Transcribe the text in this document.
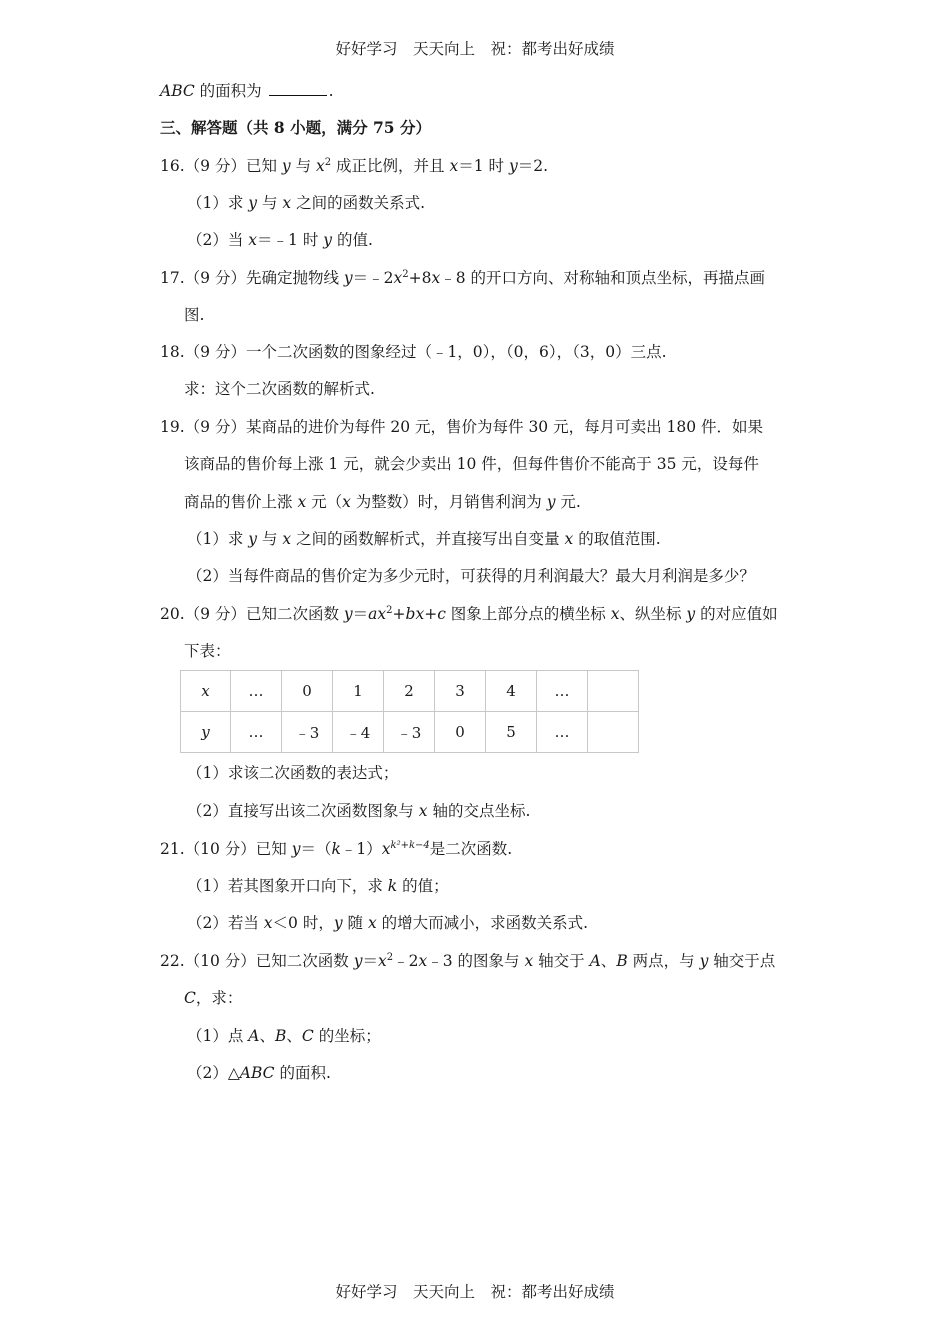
好好学习　天天向上　祝：都考出好成绩
ABC 的面积为	.
三、解答题（共 8 小题，满分 75 分）
16.（9 分）已知 y 与 $x^2$ 成正比例，并且 x＝1 时 y＝2.
（1）求 y 与 x 之间的函数关系式.
（2）当 x＝﹣1 时 y 的值.
17.（9 分）先确定抛物线 $y=﹣2x^2+8x﹣8$ 的开口方向、对称轴和顶点坐标，再描点画
图.
18.（9 分）一个二次函数的图象经过（﹣1，0），（0，6），（3，0）三点.
求：这个二次函数的解析式.
19.（9 分）某商品的进价为每件 20 元，售价为每件 30 元，每月可卖出 180 件．如果
该商品的售价每上涨 1 元，就会少卖出 10 件，但每件售价不能高于 35 元，设每件
商品的售价上涨 x 元（x 为整数）时，月销售利润为 y 元.
（1）求 y 与 x 之间的函数解析式，并直接写出自变量 x 的取值范围.
（2）当每件商品的售价定为多少元时，可获得的月利润最大？最大月利润是多少？
20.（9 分）已知二次函数 $y=ax^2+bx+c$ 图象上部分点的横坐标 x、纵坐标 y 的对应值如
下表：
x	…	0	1	2	3	4	…	
y	…	﹣3	﹣4	﹣3	0	5	…	
（1）求该二次函数的表达式；
（2）直接写出该二次函数图象与 x 轴的交点坐标.
21.（10 分）已知 $y=(k﹣1)x^{k^2+k-4}$是二次函数.
（1）若其图象开口向下，求 k 的值；
（2）若当 x＜0 时，y 随 x 的增大而减小，求函数关系式.
22.（10 分）已知二次函数 $y=x^2﹣2x﹣3$ 的图象与 x 轴交于 A、B 两点，与 y 轴交于点
C，求：
（1）点 A、B、C 的坐标；
（2）△ABC 的面积.
好好学习　天天向上　祝：都考出好成绩
